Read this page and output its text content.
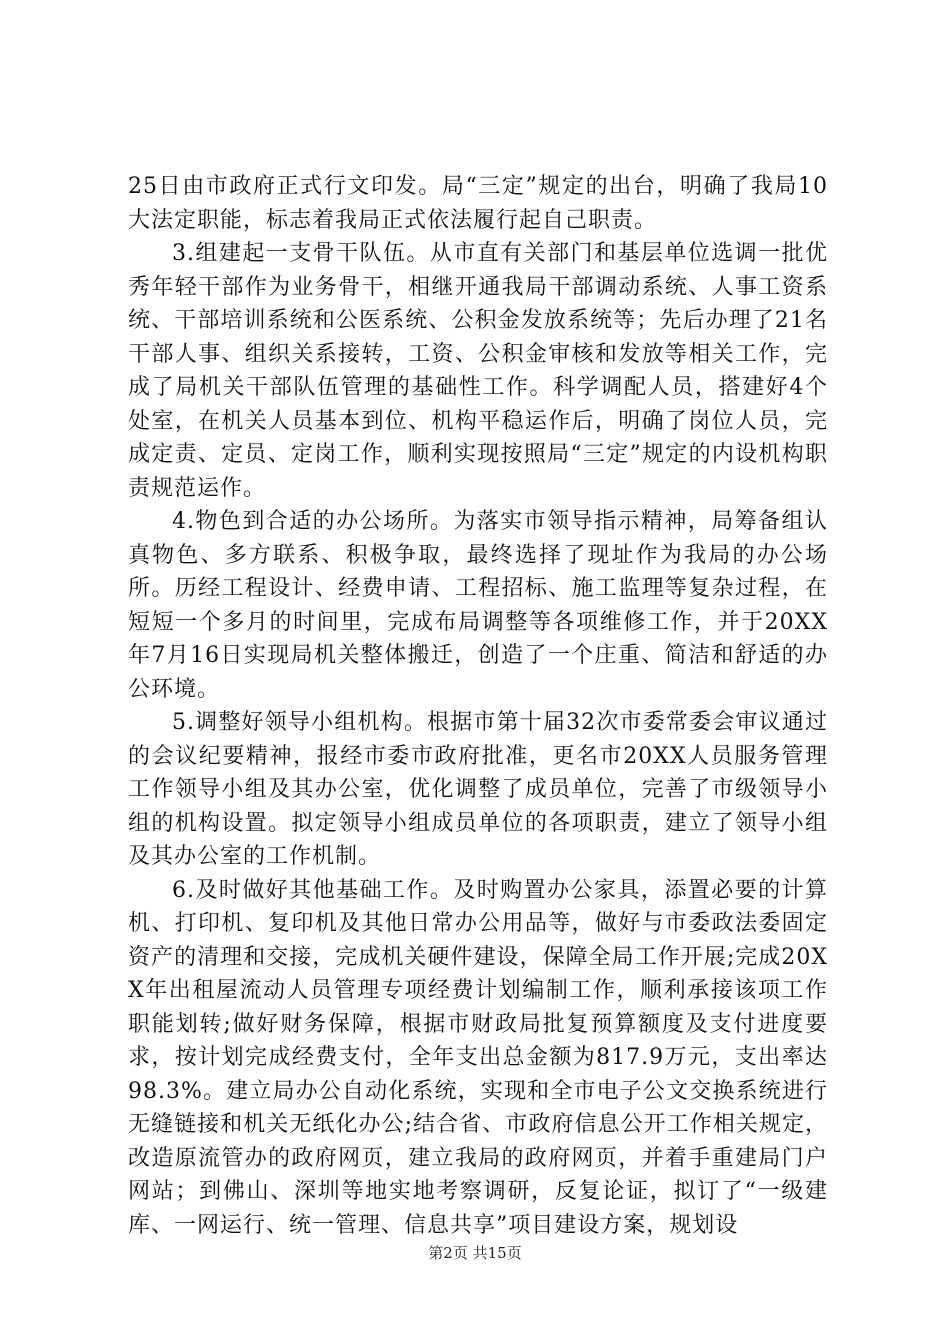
25日由市政府正式行文印发。局“三定”规定的出台，明确了我局10大法定职能，标志着我局正式依法履行起自己职责。

3.组建起一支骨干队伍。从市直有关部门和基层单位选调一批优秀年轻干部作为业务骨干，相继开通我局干部调动系统、人事工资系统、干部培训系统和公医系统、公积金发放系统等；先后办理了21名干部人事、组织关系接转，工资、公积金审核和发放等相关工作，完成了局机关干部队伍管理的基础性工作。科学调配人员，搭建好4个处室，在机关人员基本到位、机构平稳运作后，明确了岗位人员，完成定责、定员、定岗工作，顺利实现按照局“三定”规定的内设机构职责规范运作。

4.物色到合适的办公场所。为落实市领导指示精神，局筹备组认真物色、多方联系、积极争取，最终选择了现址作为我局的办公场所。历经工程设计、经费申请、工程招标、施工监理等复杂过程，在短短一个多月的时间里，完成布局调整等各项维修工作，并于20XX年7月16日实现局机关整体搬迁，创造了一个庄重、简洁和舒适的办公环境。

5.调整好领导小组机构。根据市第十届32次市委常委会审议通过的会议纪要精神，报经市委市政府批准，更名市20XX人员服务管理工作领导小组及其办公室，优化调整了成员单位，完善了市级领导小组的机构设置。拟定领导小组成员单位的各项职责，建立了领导小组及其办公室的工作机制。

6.及时做好其他基础工作。及时购置办公家具，添置必要的计算机、打印机、复印机及其他日常办公用品等，做好与市委政法委固定资产的清理和交接，完成机关硬件建设，保障全局工作开展;完成20XX年出租屋流动人员管理专项经费计划编制工作，顺利承接该项工作职能划转;做好财务保障，根据市财政局批复预算额度及支付进度要求，按计划完成经费支付，全年支出总金额为817.9万元，支出率达98.3%。建立局办公自动化系统，实现和全市电子公文交换系统进行无缝链接和机关无纸化办公;结合省、市政府信息公开工作相关规定，改造原流管办的政府网页，建立我局的政府网页，并着手重建局门户网站；到佛山、深圳等地实地考察调研，反复论证，拟订了“一级建库、一网运行、统一管理、信息共享”项目建设方案，规划设

第2页 共15页
